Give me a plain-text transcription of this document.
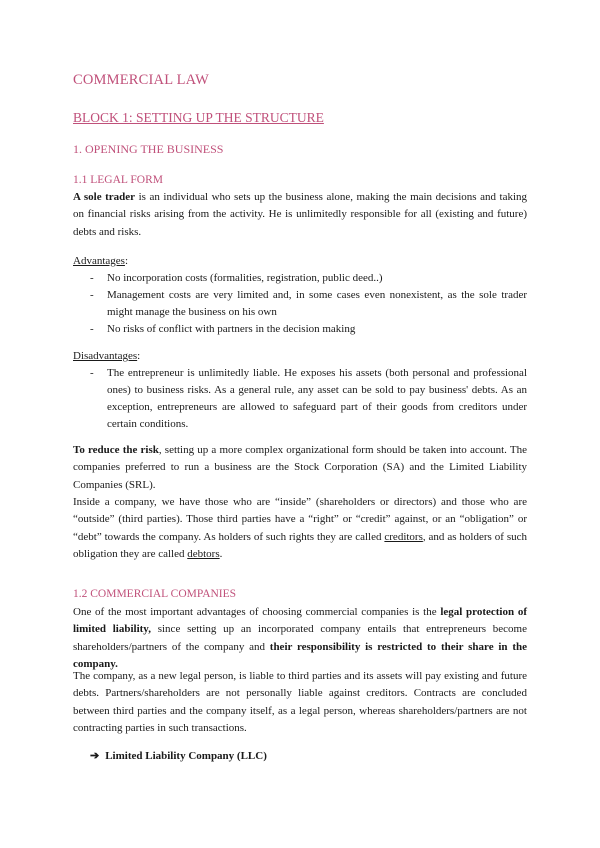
COMMERCIAL LAW
BLOCK 1: SETTING UP THE STRUCTURE
1. OPENING THE BUSINESS
1.1 LEGAL FORM
A sole trader is an individual who sets up the business alone, making the main decisions and taking on financial risks arising from the activity. He is unlimitedly responsible for all (existing and future) debts and risks.
Advantages:
- No incorporation costs (formalities, registration, public deed..)
- Management costs are very limited and, in some cases even nonexistent, as the sole trader might manage the business on his own
- No risks of conflict with partners in the decision making
Disadvantages:
- The entrepreneur is unlimitedly liable. He exposes his assets (both personal and professional ones) to business risks. As a general rule, any asset can be sold to pay business' debts. As an exception, entrepreneurs are allowed to safeguard part of their goods from creditors under certain conditions.
To reduce the risk, setting up a more complex organizational form should be taken into account. The companies preferred to run a business are the Stock Corporation (SA) and the Limited Liability Companies (SRL).
Inside a company, we have those who are “inside” (shareholders or directors) and those who are “outside” (third parties). Those third parties have a “right” or “credit” against, or an “obligation” or “debt” towards the company. As holders of such rights they are called creditors, and as holders of such obligation they are called debtors.
1.2 COMMERCIAL COMPANIES
One of the most important advantages of choosing commercial companies is the legal protection of limited liability, since setting up an incorporated company entails that entrepreneurs become shareholders/partners of the company and their responsibility is restricted to their share in the company.
The company, as a new legal person, is liable to third parties and its assets will pay existing and future debts. Partners/shareholders are not personally liable against creditors. Contracts are concluded between third parties and the company itself, as a legal person, whereas shareholders/partners are not contracting parties in such transactions.
➔ Limited Liability Company (LLC)
